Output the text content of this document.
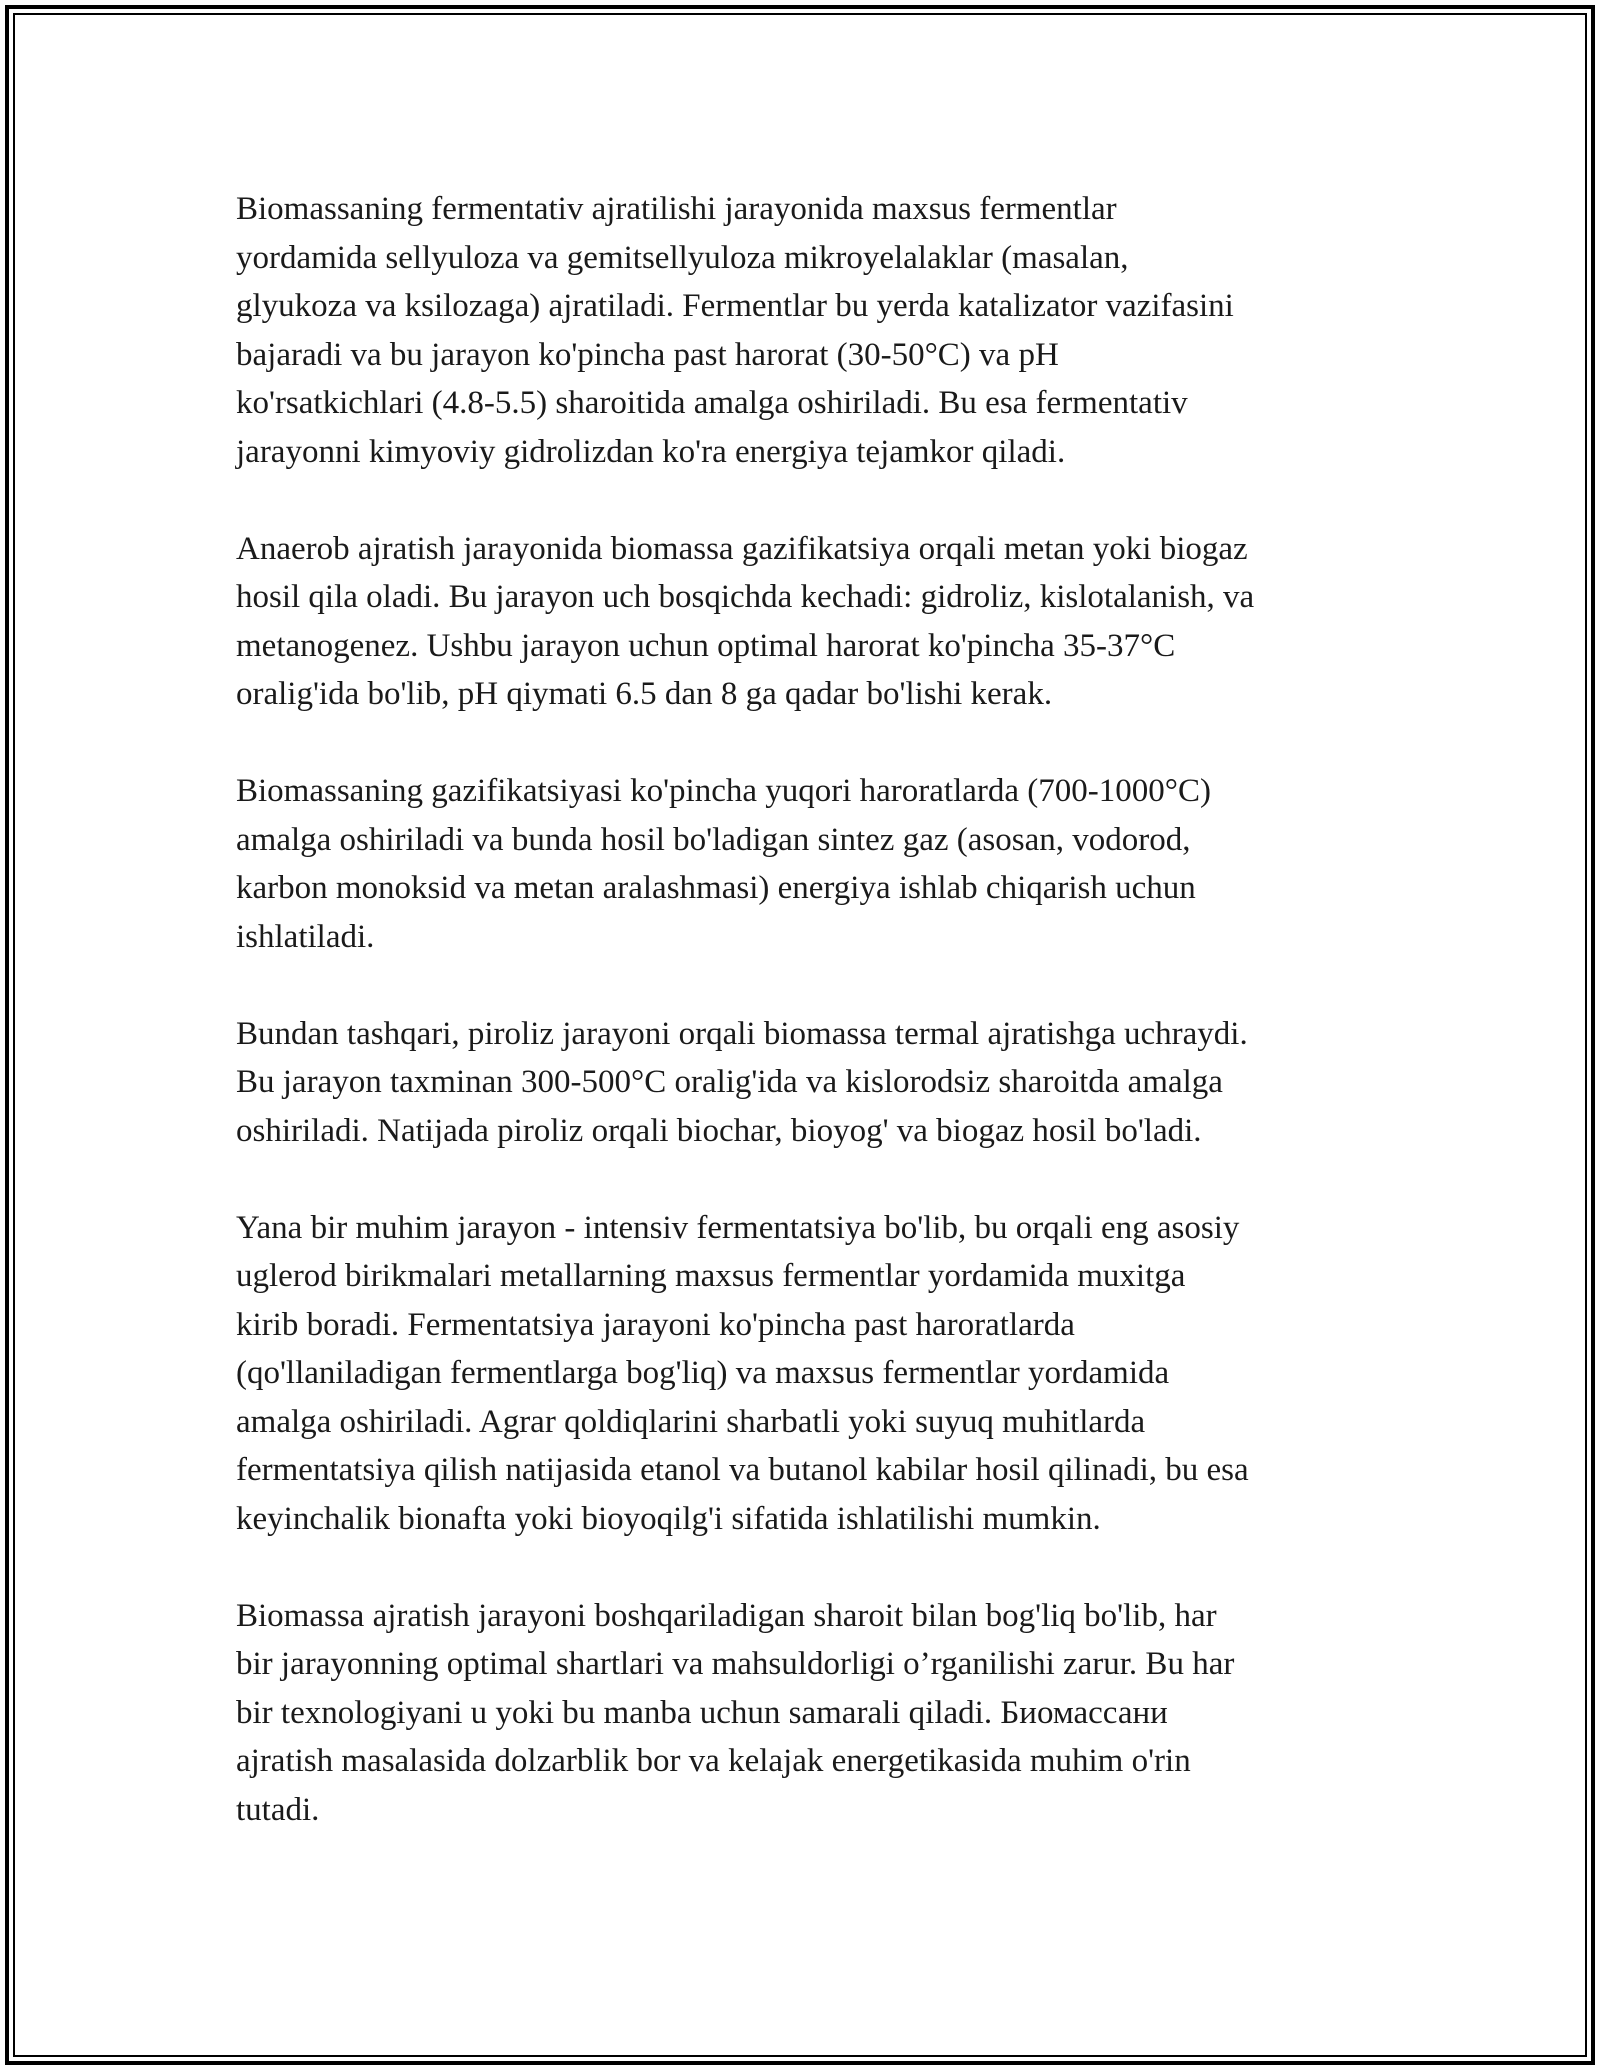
Biomassaning fermentativ ajratilishi jarayonida maxsus fermentlar
yordamida sellyuloza va gemitsellyuloza mikroyelalaklar (masalan,
glyukoza va ksilozaga) ajratiladi. Fermentlar bu yerda katalizator vazifasini
bajaradi va bu jarayon ko'pincha past harorat (30-50°C) va pH
ko'rsatkichlari (4.8-5.5) sharoitida amalga oshiriladi. Bu esa fermentativ
jarayonni kimyoviy gidrolizdan ko'ra energiya tejamkor qiladi.

Anaerob ajratish jarayonida biomassa gazifikatsiya orqali metan yoki biogaz
hosil qila oladi. Bu jarayon uch bosqichda kechadi: gidroliz, kislotalanish, va
metanogenez. Ushbu jarayon uchun optimal harorat ko'pincha 35-37°C
oralig'ida bo'lib, pH qiymati 6.5 dan 8 ga qadar bo'lishi kerak.

Biomassaning gazifikatsiyasi ko'pincha yuqori haroratlarda (700-1000°C)
amalga oshiriladi va bunda hosil bo'ladigan sintez gaz (asosan, vodorod,
karbon monoksid va metan aralashmasi) energiya ishlab chiqarish uchun
ishlatiladi.

Bundan tashqari, piroliz jarayoni orqali biomassa termal ajratishga uchraydi.
Bu jarayon taxminan 300-500°C oralig'ida va kislorodsiz sharoitda amalga
oshiriladi. Natijada piroliz orqali biochar, bioyog' va biogaz hosil bo'ladi.

Yana bir muhim jarayon - intensiv fermentatsiya bo'lib, bu orqali eng asosiy
uglerod birikmalari metallarning maxsus fermentlar yordamida muxitga
kirib boradi. Fermentatsiya jarayoni ko'pincha past haroratlarda
(qo'llaniladigan fermentlarga bog'liq) va maxsus fermentlar yordamida
amalga oshiriladi. Agrar qoldiqlarini sharbatli yoki suyuq muhitlarda
fermentatsiya qilish natijasida etanol va butanol kabilar hosil qilinadi, bu esa
keyinchalik bionafta yoki bioyoqilg'i sifatida ishlatilishi mumkin.

Biomassa ajratish jarayoni boshqariladigan sharoit bilan bog'liq bo'lib, har
bir jarayonning optimal shartlari va mahsuldorligi o’rganilishi zarur. Bu har
bir texnologiyani u yoki bu manba uchun samarali qiladi. Биомассани
ajratish masalasida dolzarblik bor va kelajak energetikasida muhim o'rin
tutadi.
